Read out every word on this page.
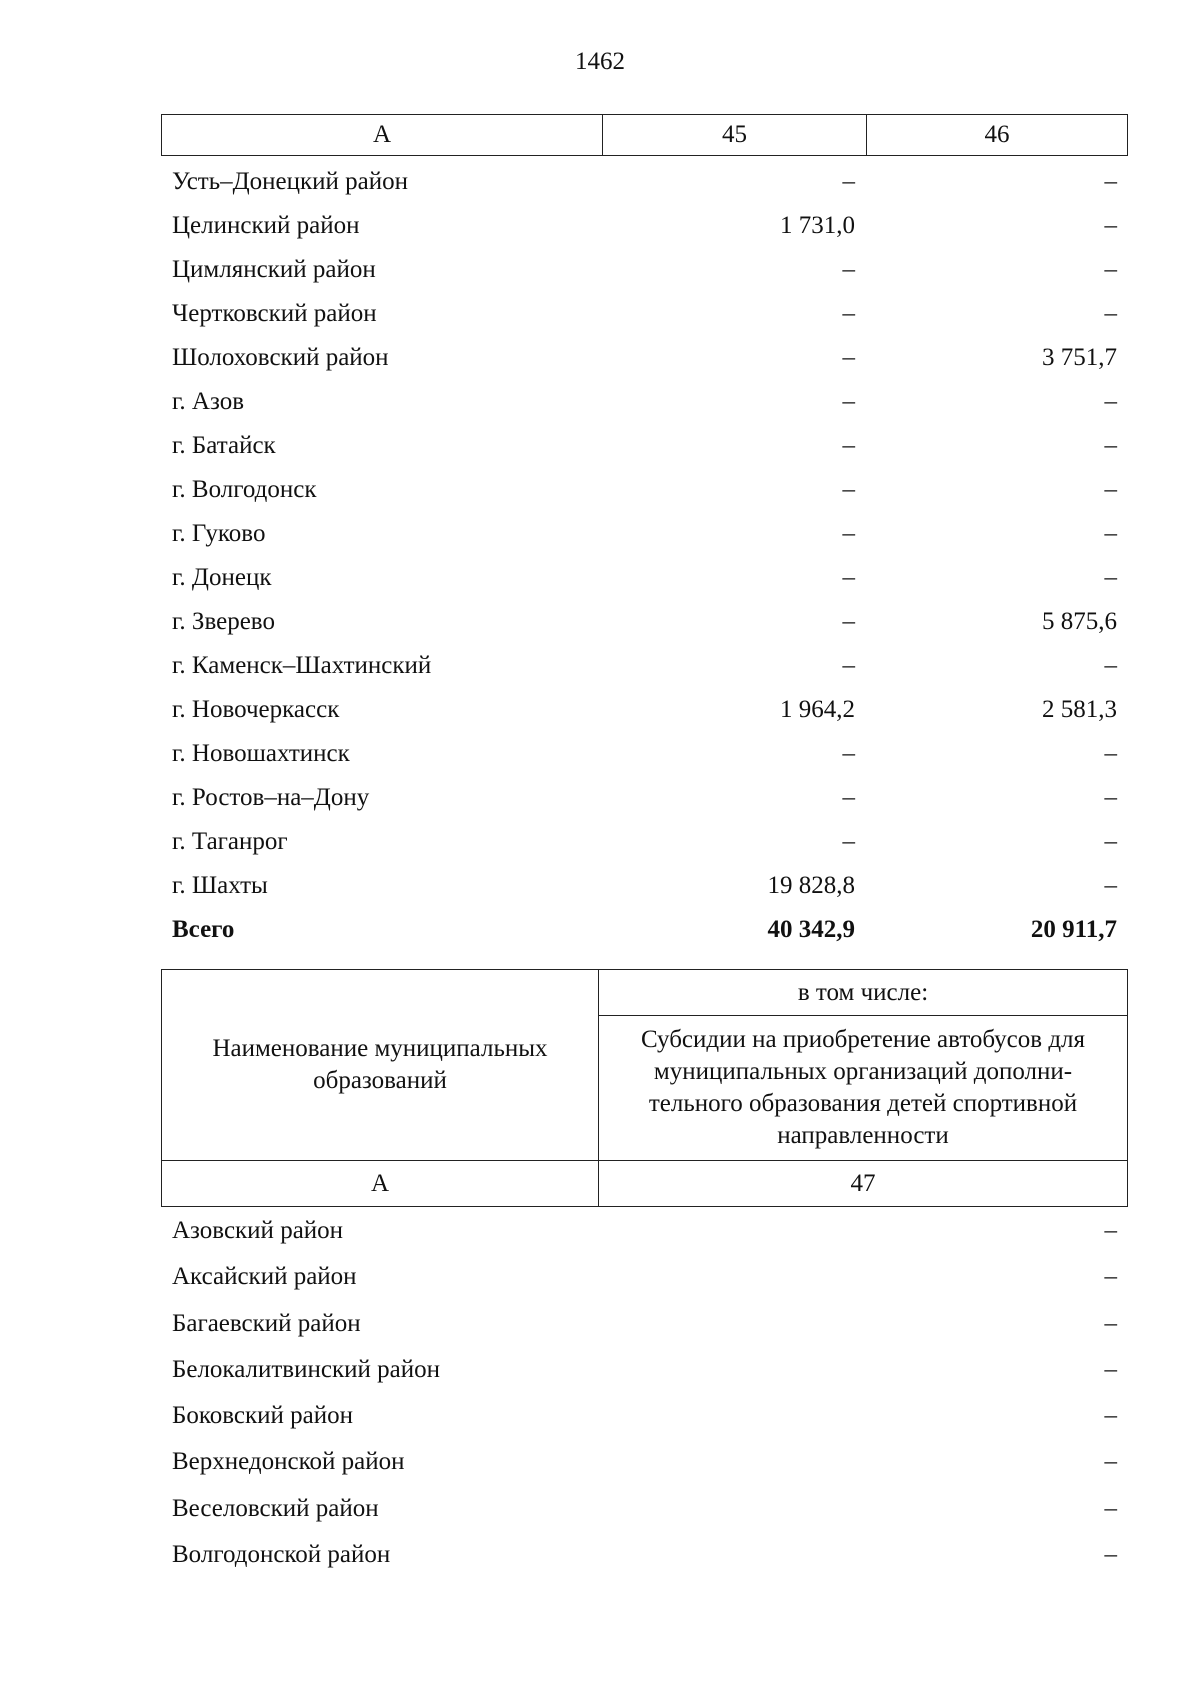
1462
А	45	46
Усть–Донецкий район	–	–
Целинский район	1 731,0	–
Цимлянский район	–	–
Чертковский район	–	–
Шолоховский район	–	3 751,7
г. Азов	–	–
г. Батайск	–	–
г. Волгодонск	–	–
г. Гуково	–	–
г. Донецк	–	–
г. Зверево	–	5 875,6
г. Каменск–Шахтинский	–	–
г. Новочеркасск	1 964,2	2 581,3
г. Новошахтинск	–	–
г. Ростов–на–Дону	–	–
г. Таганрог	–	–
г. Шахты	19 828,8	–
Всего	40 342,9	20 911,7
Наименование муниципальных образований
в том числе:
Субсидии на приобретение автобусов для муниципальных организаций дополни-тельного образования детей спортивной направленности
А	47
Азовский район	–
Аксайский район	–
Багаевский район	–
Белокалитвинский район	–
Боковский район	–
Верхнедонской район	–
Веселовский район	–
Волгодонской район	–
